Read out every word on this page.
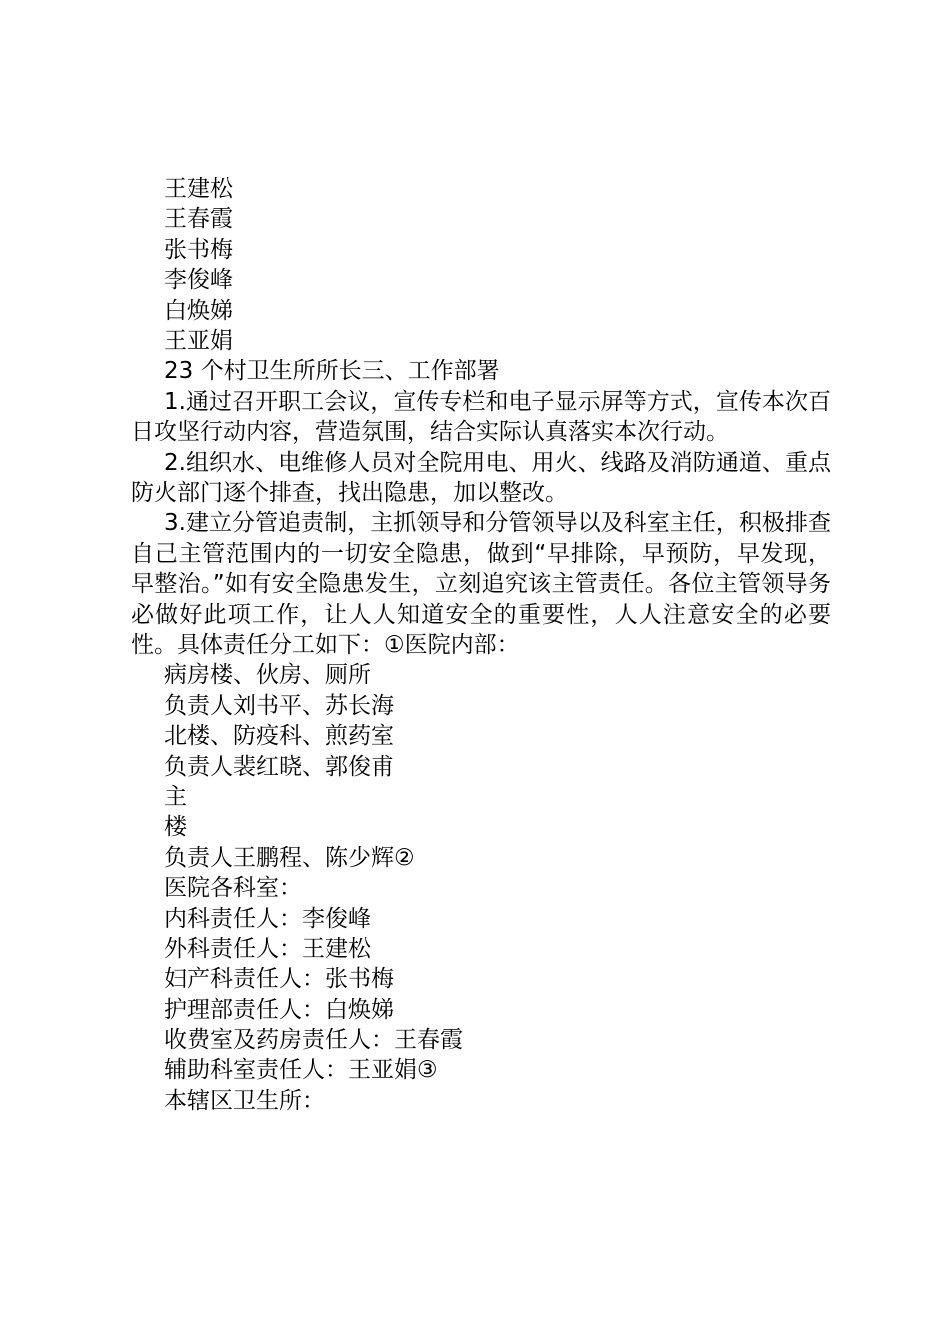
王建松

王春霞

张书梅

李俊峰

白焕娣

王亚娟

23 个村卫生所所长三、工作部署

1.通过召开职工会议，宣传专栏和电子显示屏等方式，宣传本次百日攻坚行动内容，营造氛围，结合实际认真落实本次行动。

2.组织水、电维修人员对全院用电、用火、线路及消防通道、重点防火部门逐个排查，找出隐患，加以整改。

3.建立分管追责制，主抓领导和分管领导以及科室主任，积极排查自己主管范围内的一切安全隐患，做到“早排除，早预防，早发现，早整治。”如有安全隐患发生，立刻追究该主管责任。各位主管领导务必做好此项工作，让人人知道安全的重要性，人人注意安全的必要性。具体责任分工如下：①医院内部：

病房楼、伙房、厕所

负责人刘书平、苏长海

北楼、防疫科、煎药室

负责人裴红晓、郭俊甫

主

楼

负责人王鹏程、陈少辉②

医院各科室：

内科责任人：李俊峰

外科责任人：王建松

妇产科责任人：张书梅

护理部责任人：白焕娣

收费室及药房责任人：王春霞

辅助科室责任人：王亚娟③

本辖区卫生所：
